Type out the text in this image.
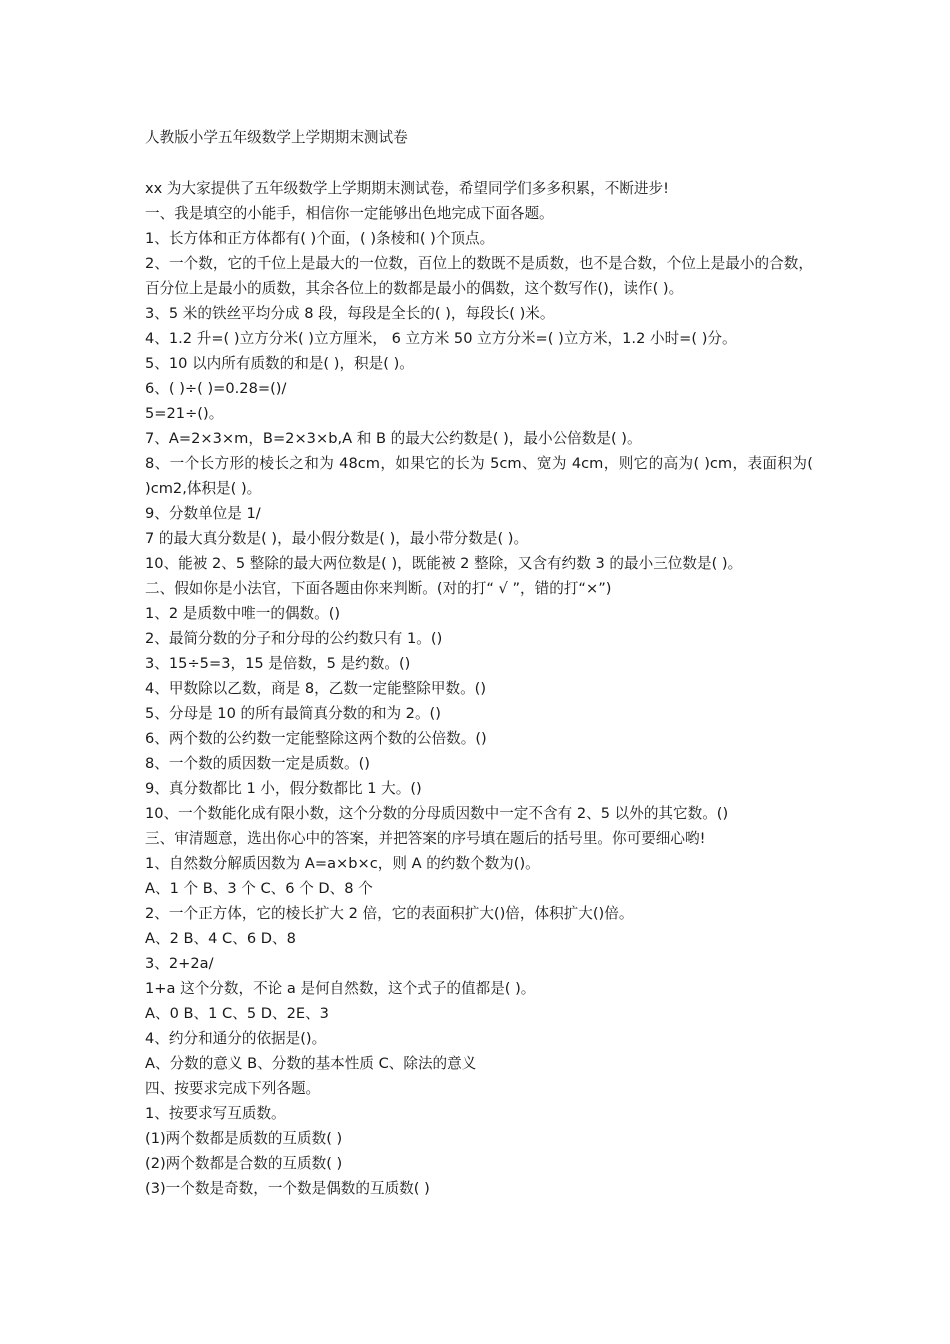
人教版小学五年级数学上学期期末测试卷
xx 为大家提供了五年级数学上学期期末测试卷，希望同学们多多积累，不断进步!
一、我是填空的小能手，相信你一定能够出色地完成下面各题。
1、长方体和正方体都有( )个面，( )条棱和( )个顶点。
2、一个数，它的千位上是最大的一位数，百位上的数既不是质数，也不是合数，个位上是最小的合数，百分位上是最小的质数，其余各位上的数都是最小的偶数，这个数写作()，读作( )。
3、5 米的铁丝平均分成 8 段，每段是全长的( )，每段长( )米。
4、1.2 升=( )立方分米( )立方厘米， 6 立方米 50 立方分米=( )立方米，1.2 小时=( )分。
5、10 以内所有质数的和是( )，积是( )。
6、( )÷( )=0.28=()/
5=21÷()。
7、A=2×3×m，B=2×3×b,A 和 B 的最大公约数是( )，最小公倍数是( )。
8、一个长方形的棱长之和为 48cm，如果它的长为 5cm、宽为 4cm，则它的高为( )cm，表面积为( )cm2,体积是( )。
9、分数单位是 1/
7 的最大真分数是( )，最小假分数是( )，最小带分数是( )。
10、能被 2、5 整除的最大两位数是( )，既能被 2 整除，又含有约数 3 的最小三位数是( )。
二、假如你是小法官，下面各题由你来判断。(对的打“ √ ”，错的打“×”)
1、2 是质数中唯一的偶数。()
2、最简分数的分子和分母的公约数只有 1。()
3、15÷5=3，15 是倍数，5 是约数。()
4、甲数除以乙数，商是 8，乙数一定能整除甲数。()
5、分母是 10 的所有最简真分数的和为 2。()
6、两个数的公约数一定能整除这两个数的公倍数。()
8、一个数的质因数一定是质数。()
9、真分数都比 1 小，假分数都比 1 大。()
10、一个数能化成有限小数，这个分数的分母质因数中一定不含有 2、5 以外的其它数。()
三、审清题意，选出你心中的答案，并把答案的序号填在题后的括号里。你可要细心哟!
1、自然数分解质因数为 A=a×b×c，则 A 的约数个数为()。
A、1 个 B、3 个 C、6 个 D、8 个
2、一个正方体，它的棱长扩大 2 倍，它的表面积扩大()倍，体积扩大()倍。
A、2 B、4 C、6 D、8
3、2+2a/
1+a 这个分数，不论 a 是何自然数，这个式子的值都是( )。
A、0 B、1 C、5 D、2E、3
4、约分和通分的依据是()。
A、分数的意义 B、分数的基本性质 C、除法的意义
四、按要求完成下列各题。
1、按要求写互质数。
(1)两个数都是质数的互质数( )
(2)两个数都是合数的互质数( )
(3)一个数是奇数，一个数是偶数的互质数( )
